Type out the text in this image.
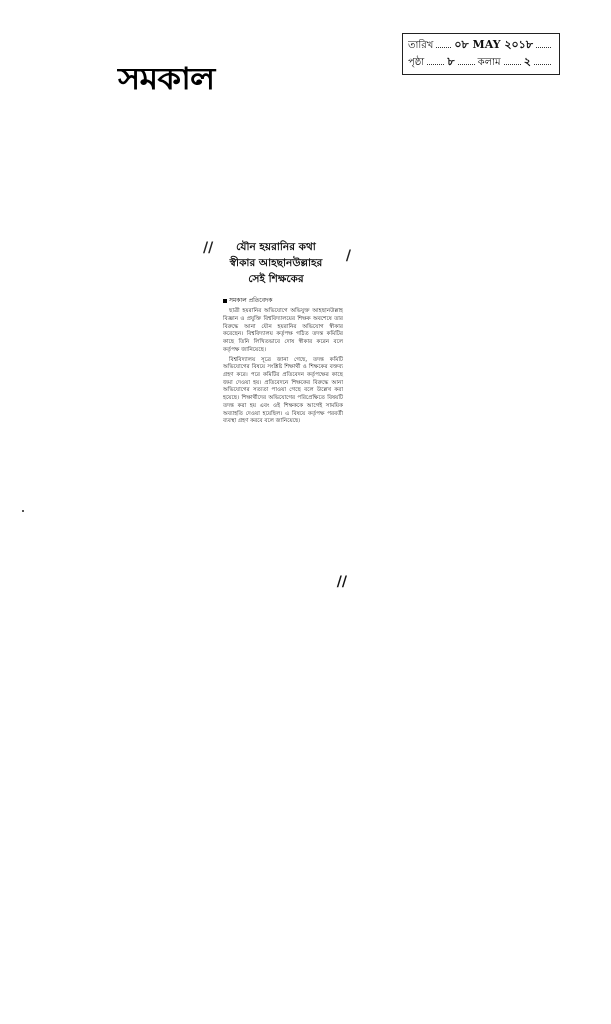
সমকাল
তারিখ ০৮ MAY ২০১৮
পৃষ্ঠা ৮ কলাম ২
//	যৌন হয়রানির কথা
স্বীকার আহছানউল্লাহর
সেই শিক্ষকের
/
সমকাল প্রতিবেদক

ছাত্রী হয়রানির অভিযোগে অভিযুক্ত আহছানউল্লাহ বিজ্ঞান ও প্রযুক্তি বিশ্ববিদ্যালয়ের শিক্ষক অবশেষে তার বিরুদ্ধে আনা যৌন হয়রানির অভিযোগ স্বীকার করেছেন। বিশ্ববিদ্যালয় কর্তৃপক্ষ গঠিত তদন্ত কমিটির কাছে তিনি লিখিতভাবে দোষ স্বীকার করেন বলে কর্তৃপক্ষ জানিয়েছে।

বিশ্ববিদ্যালয় সূত্রে জানা গেছে, তদন্ত কমিটি অভিযোগের বিষয়ে সংশ্লিষ্ট শিক্ষার্থী ও শিক্ষকের বক্তব্য গ্রহণ করে। পরে কমিটির প্রতিবেদন কর্তৃপক্ষের কাছে জমা দেওয়া হয়। প্রতিবেদনে শিক্ষকের বিরুদ্ধে আনা অভিযোগের সত্যতা পাওয়া গেছে বলে উল্লেখ করা হয়েছে। শিক্ষার্থীদের অভিযোগের পরিপ্রেক্ষিতে বিষয়টি তদন্ত করা হয় এবং ওই শিক্ষককে আগেই সাময়িক অব্যাহতি দেওয়া হয়েছিল। এ বিষয়ে কর্তৃপক্ষ পরবর্তী ব্যবস্থা গ্রহণ করবে বলে জানিয়েছে।

//
